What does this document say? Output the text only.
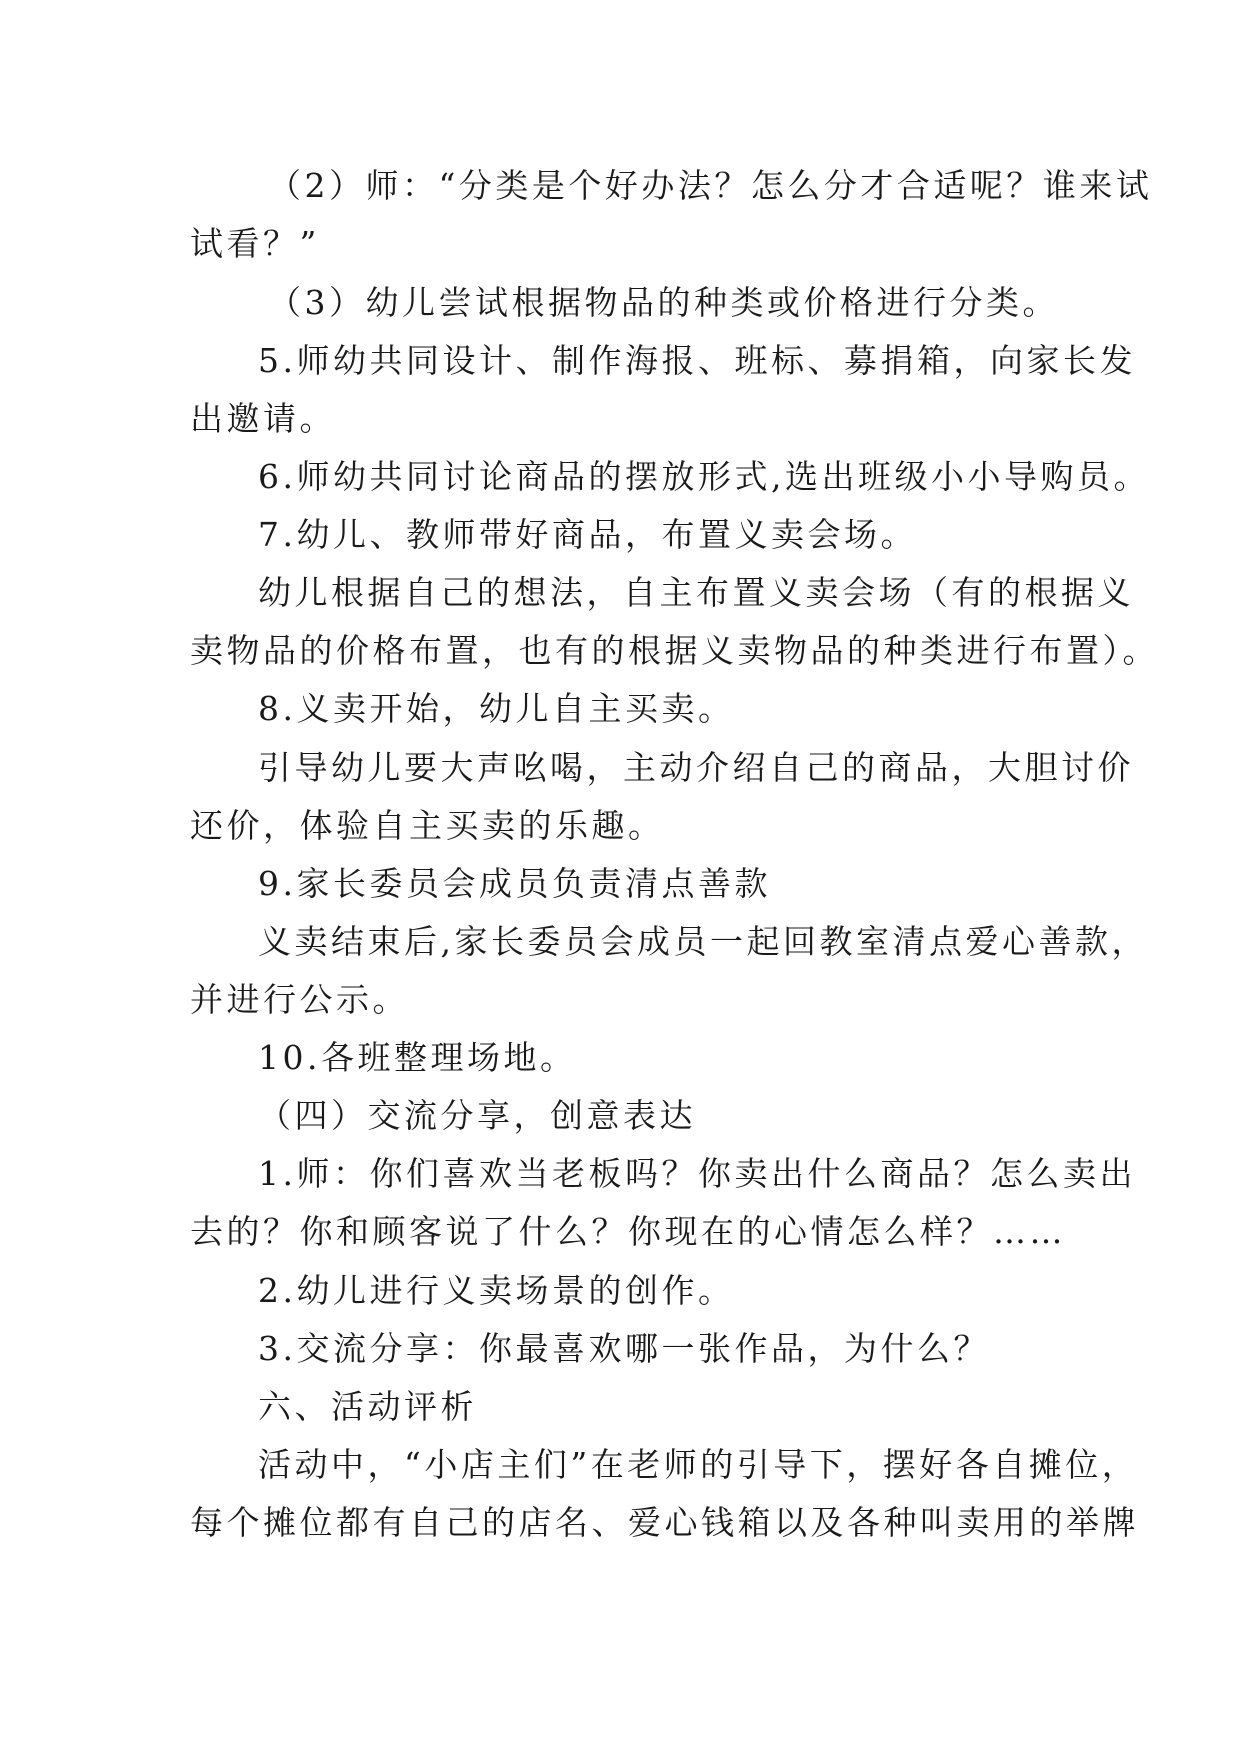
（2）师：“分类是个好办法？怎么分才合适呢？谁来试
试看？”
（3）幼儿尝试根据物品的种类或价格进行分类。
5.师幼共同设计、制作海报、班标、募捐箱，向家长发
出邀请。
6.师幼共同讨论商品的摆放形式,选出班级小小导购员。
7.幼儿、教师带好商品，布置义卖会场。
幼儿根据自己的想法，自主布置义卖会场（有的根据义
卖物品的价格布置，也有的根据义卖物品的种类进行布置）。
8.义卖开始，幼儿自主买卖。
引导幼儿要大声吆喝，主动介绍自己的商品，大胆讨价
还价，体验自主买卖的乐趣。
9.家长委员会成员负责清点善款
义卖结束后,家长委员会成员一起回教室清点爱心善款，
并进行公示。
10.各班整理场地。
（四）交流分享，创意表达
1.师：你们喜欢当老板吗？你卖出什么商品？怎么卖出
去的？你和顾客说了什么？你现在的心情怎么样？……
2.幼儿进行义卖场景的创作。
3.交流分享：你最喜欢哪一张作品，为什么？
六、活动评析
活动中，“小店主们”在老师的引导下，摆好各自摊位，
每个摊位都有自己的店名、爱心钱箱以及各种叫卖用的举牌
